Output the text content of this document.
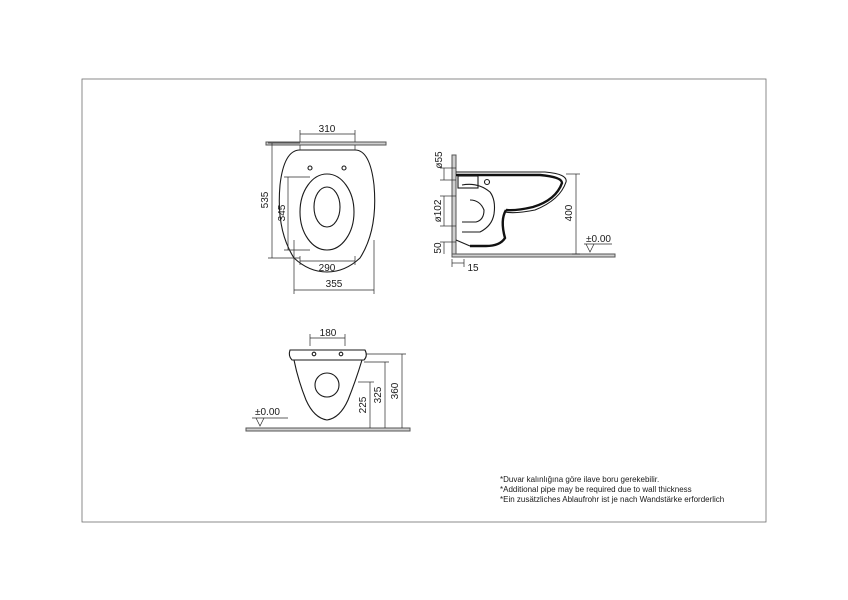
310
535
345
290
355
ø55
ø102
50
400
15
±0.00
180
225
325 360
±0.00
*Duvar kalınlığına göre ilave boru gerekebilir.
*Additional pipe may be required due to wall thickness
*Ein zusätzliches Ablaufrohr ist je nach Wandstärke erforderlich
